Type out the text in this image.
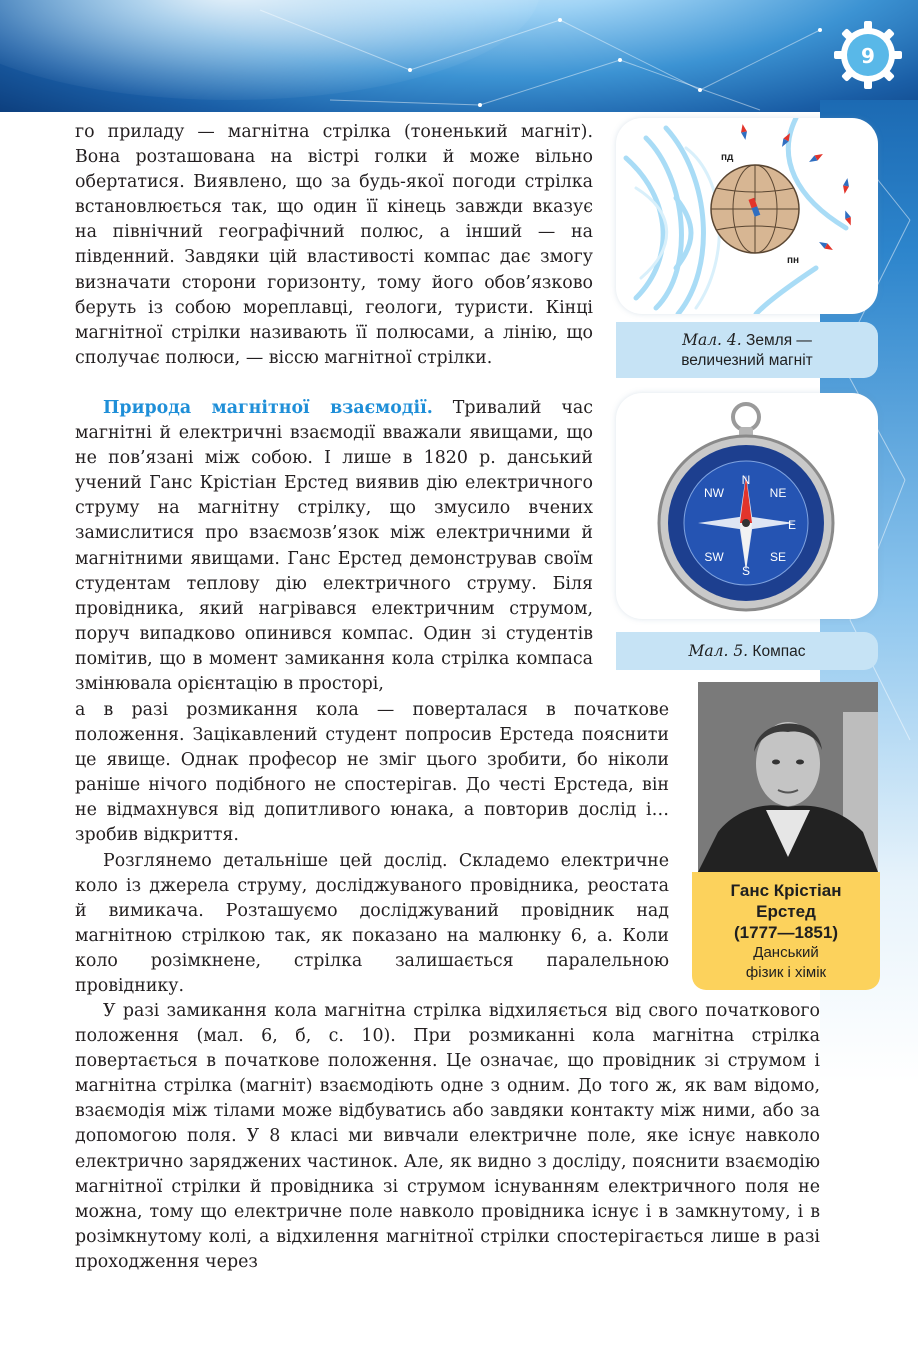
9

го приладу — магнітна стрілка (тоненький магніт). Вона розташована на вістрі голки й може вільно обертатися. Виявлено, що за будь-якої погоди стрілка встановлюється так, що один її кінець завжди вказує на північний географічний полюс, а інший — на південний. Завдяки цій властивості компас дає змогу визначати сторони горизонту, тому його обов’язково беруть із собою мореплавці, геологи, туристи. Кінці магнітної стрілки називають її полюсами, а лінію, що сполучає полюси, — віссю магнітної стрілки.

Природа магнітної взаємодії. Тривалий час магнітні й електричні взаємодії вважали явищами, що не пов’язані між собою. І лише в 1820 р. данський учений Ганс Крістіан Ерстед виявив дію електричного струму на магнітну стрілку, що змусило вчених замислитися про взаємозв’язок між електричними й магнітними явищами. Ганс Ерстед демонстрував своїм студентам теплову дію електричного струму. Біля провідника, який нагрівався електричним струмом, поруч випадково опинився компас. Один зі студентів помітив, що в момент замикання кола стрілка компаса змінювала орієнтацію в просторі,

а в разі розмикання кола — поверталася в початкове положення. Зацікавлений студент попросив Ерстеда пояснити це явище. Однак професор не зміг цього зробити, бо ніколи раніше нічого подібного не спостерігав. До честі Ерстеда, він не відмахнувся від допитливого юнака, а повторив дослід і… зробив відкриття.

Розглянемо детальніше цей дослід. Складемо електричне коло із джерела струму, досліджуваного провідника, реостата й вимикача. Розташуємо досліджуваний провідник над магнітною стрілкою так, як показано на малюнку 6, а. Коли коло розімкнене, стрілка залишається паралельною провіднику.

У разі замикання кола магнітна стрілка відхиляється від свого початкового положення (мал. 6, б, с. 10). При розмиканні кола магнітна стрілка повертається в початкове положення. Це означає, що провідник зі струмом і магнітна стрілка (магніт) взаємодіють одне з одним. До того ж, як вам відомо, взаємодія між тілами може відбуватись або завдяки контакту між ними, або за допомогою поля. У 8 класі ми вивчали електричне поле, яке існує навколо електрично заряджених частинок. Але, як видно з досліду, пояснити взаємодію магнітної стрілки й провідника зі струмом існуванням електричного поля не можна, тому що електричне поле навколо провідника існує і в замкнутому, і в розімкнутому колі, а відхилення магнітної стрілки спостерігається лише в разі проходження через

пд
пн
Мал. 4. Земля —
величезний магніт
N
NE
E
SE
S
SW
NW
Мал. 5. Компас
Ганс Крістіан
Ерстед
(1777—1851)
Данський
фізик і хімік
